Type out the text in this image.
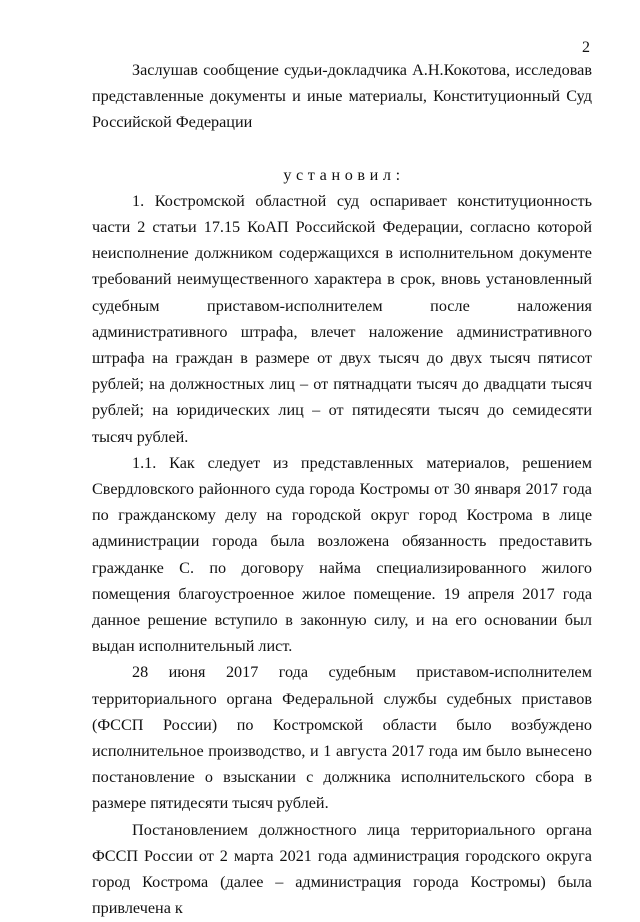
2

Заслушав сообщение судьи-докладчика А.Н.Кокотова, исследовав представленные документы и иные материалы, Конституционный Суд Российской Федерации

установил:

1. Костромской областной суд оспаривает конституционность части 2 статьи 17.15 КоАП Российской Федерации, согласно которой неисполнение должником содержащихся в исполнительном документе требований неимущественного характера в срок, вновь установленный судебным приставом-исполнителем после наложения административного штрафа, влечет наложение административного штрафа на граждан в размере от двух тысяч до двух тысяч пятисот рублей; на должностных лиц – от пятнадцати тысяч до двадцати тысяч рублей; на юридических лиц – от пятидесяти тысяч до семидесяти тысяч рублей.

1.1. Как следует из представленных материалов, решением Свердловского районного суда города Костромы от 30 января 2017 года по гражданскому делу на городской округ город Кострома в лице администрации города была возложена обязанность предоставить гражданке С. по договору найма специализированного жилого помещения благоустроенное жилое помещение. 19 апреля 2017 года данное решение вступило в законную силу, и на его основании был выдан исполнительный лист.

28 июня 2017 года судебным приставом-исполнителем территориального органа Федеральной службы судебных приставов (ФССП России) по Костромской области было возбуждено исполнительное производство, и 1 августа 2017 года им было вынесено постановление о взыскании с должника исполнительского сбора в размере пятидесяти тысяч рублей.

Постановлением должностного лица территориального органа ФССП России от 2 марта 2021 года администрация городского округа город Кострома (далее – администрация города Костромы) была привлечена к
